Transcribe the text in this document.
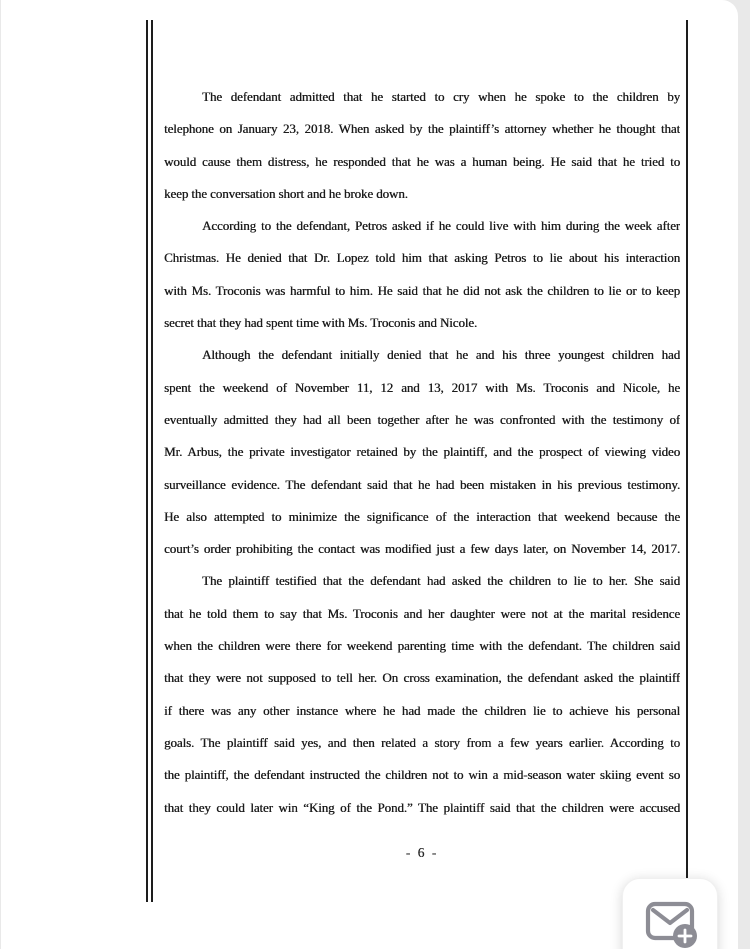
The defendant admitted that he started to cry when he spoke to the children by
telephone on January 23, 2018. When asked by the plaintiff’s attorney whether he thought that
would cause them distress, he responded that he was a human being. He said that he tried to
keep the conversation short and he broke down.
According to the defendant, Petros asked if he could live with him during the week after
Christmas. He denied that Dr. Lopez told him that asking Petros to lie about his interaction
with Ms. Troconis was harmful to him. He said that he did not ask the children to lie or to keep
secret that they had spent time with Ms. Troconis and Nicole.
Although the defendant initially denied that he and his three youngest children had
spent the weekend of November 11, 12 and 13, 2017 with Ms. Troconis and Nicole, he
eventually admitted they had all been together after he was confronted with the testimony of
Mr. Arbus, the private investigator retained by the plaintiff, and the prospect of viewing video
surveillance evidence. The defendant said that he had been mistaken in his previous testimony.
He also attempted to minimize the significance of the interaction that weekend because the
court’s order prohibiting the contact was modified just a few days later, on November 14, 2017.
The plaintiff testified that the defendant had asked the children to lie to her. She said
that he told them to say that Ms. Troconis and her daughter were not at the marital residence
when the children were there for weekend parenting time with the defendant. The children said
that they were not supposed to tell her. On cross examination, the defendant asked the plaintiff
if there was any other instance where he had made the children lie to achieve his personal
goals. The plaintiff said yes, and then related a story from a few years earlier. According to
the plaintiff, the defendant instructed the children not to win a mid-season water skiing event so
that they could later win “King of the Pond.” The plaintiff said that the children were accused
- 6 -
